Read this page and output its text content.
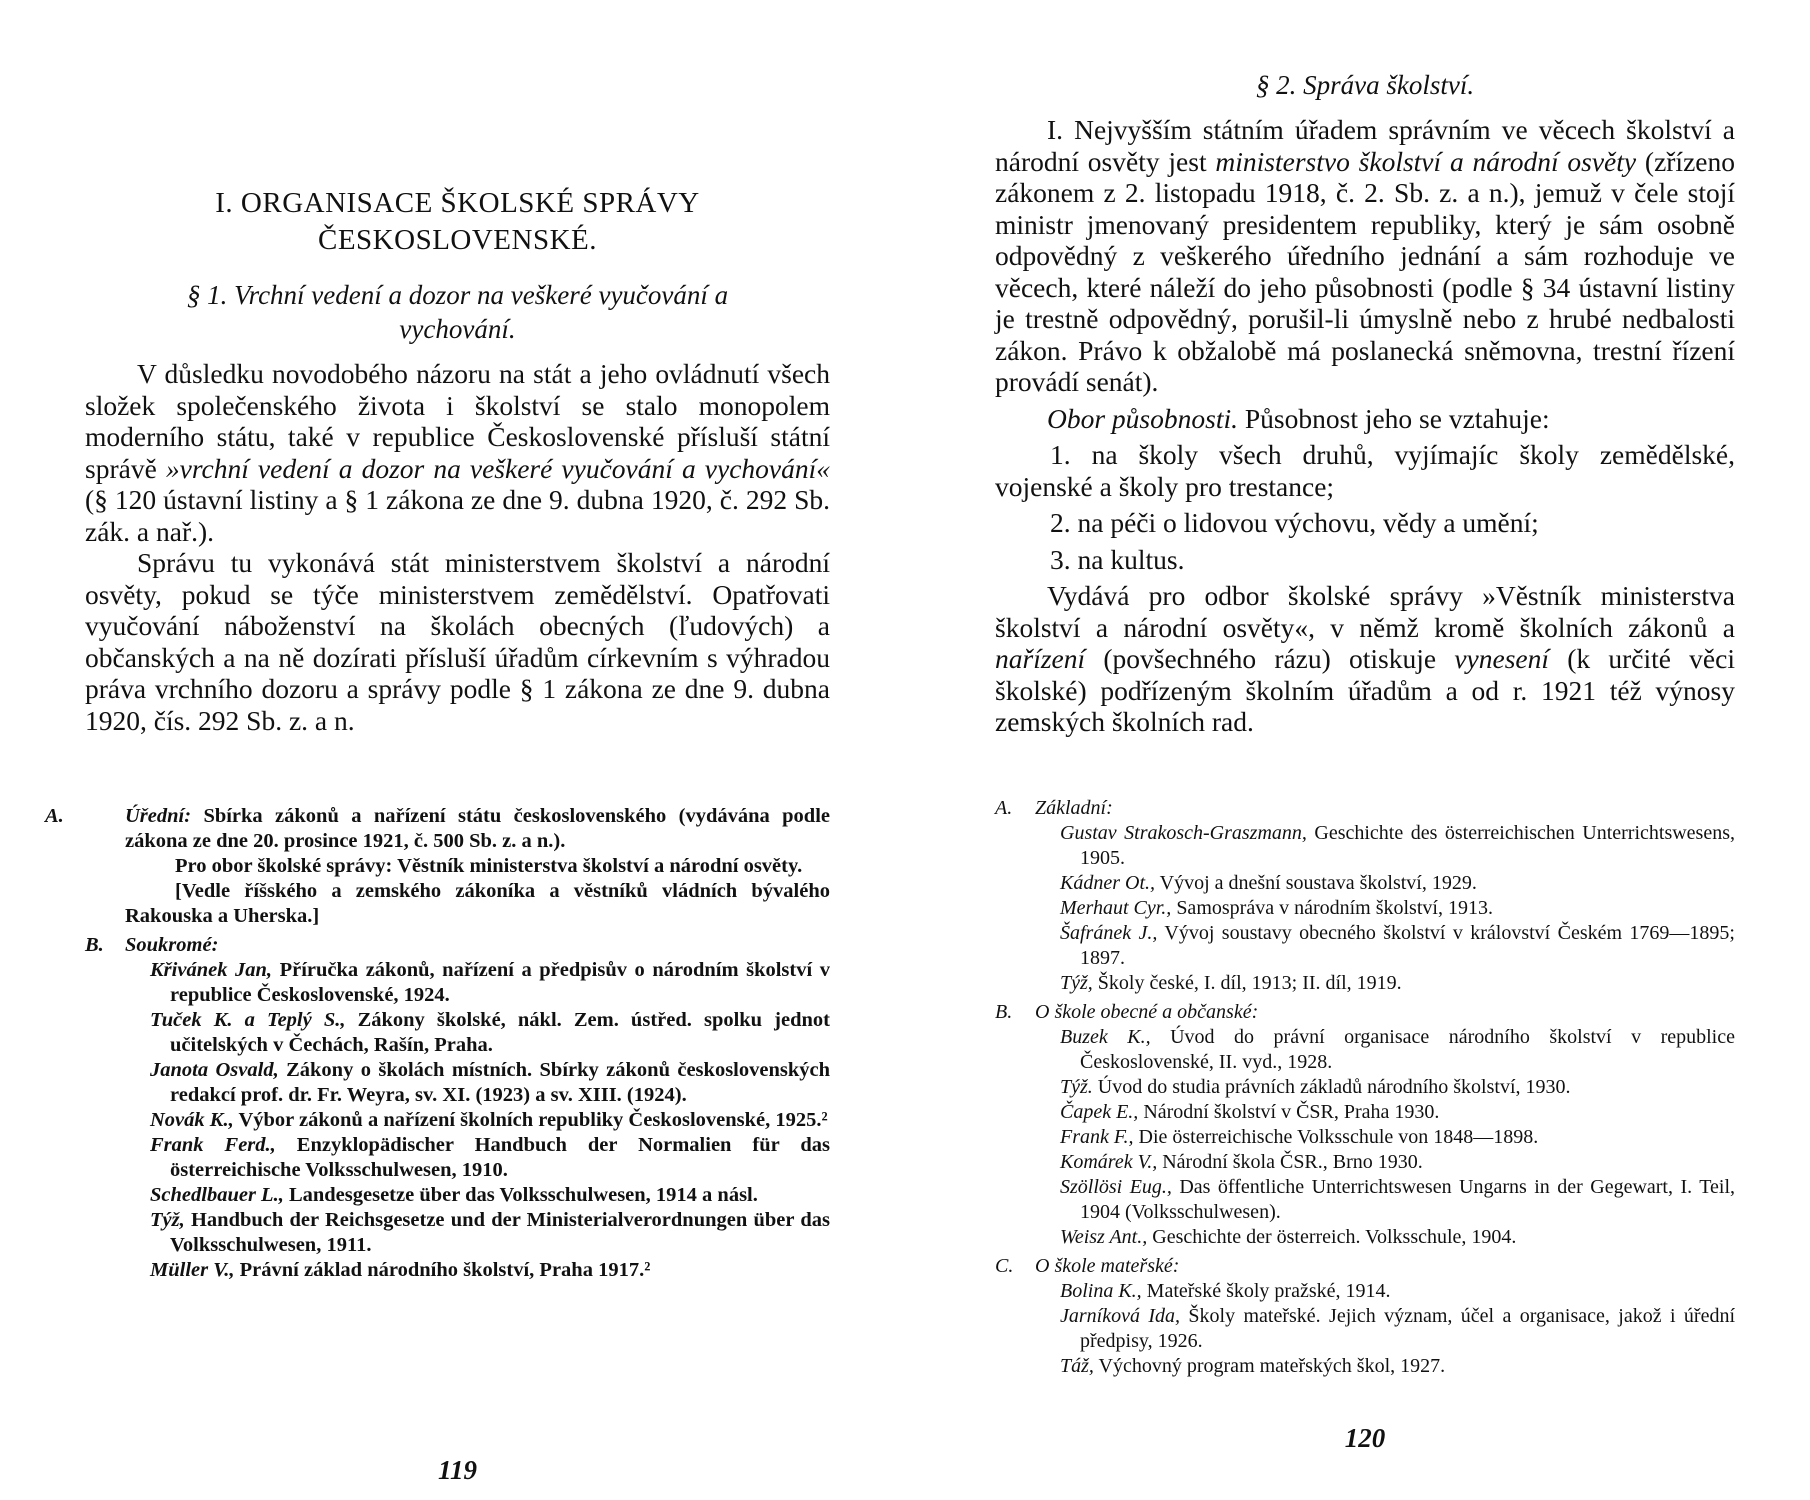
I. ORGANISACE ŠKOLSKÉ SPRÁVY
ČESKOSLOVENSKÉ.
§ 1. Vrchní vedení a dozor na veškeré vyučování a
vychování.

V důsledku novodobého názoru na stát a jeho ovládnutí všech složek společenského života i školství se stalo monopolem moderního státu, také v republice Československé přísluší státní správě »vrchní vedení a dozor na veškeré vyučování a vychování« (§ 120 ústavní listiny a § 1 zákona ze dne 9. dubna 1920, č. 292 Sb. zák. a nař.).

Správu tu vykonává stát ministerstvem školství a národní osvěty, pokud se týče ministerstvem zemědělství. Opatřovati vyučování náboženství na školách obecných (ľudových) a občanských a na ně dozírati přísluší úřadům církevním s výhradou práva vrchního dozoru a správy podle § 1 zákona ze dne 9. dubna 1920, čís. 292 Sb. z. a n.

A.	Úřední: Sbírka zákonů a nařízení státu československého (vydávána podle zákona ze dne 20. prosince 1921, č. 500 Sb. z. a n.).
Pro obor školské správy: Věstník ministerstva školství a národní osvěty.
[Vedle říšského a zemského zákoníka a věstníků vládních bývalého Rakouska a Uherska.]
B. Soukromé:
Křivánek Jan, Příručka zákonů, nařízení a předpisův o národním školství v republice Československé, 1924.
Tuček K. a Teplý S., Zákony školské, nákl. Zem. ústřed. spolku jednot učitelských v Čechách, Rašín, Praha.
Janota Osvald, Zákony o školách místních. Sbírky zákonů československých redakcí prof. dr. Fr. Weyra, sv. XI. (1923) a sv. XIII. (1924).
Novák K., Výbor zákonů a nařízení školních republiky Československé, 1925.²
Frank Ferd., Enzyklopädischer Handbuch der Normalien für das österreichische Volksschulwesen, 1910.
Schedlbauer L., Landesgesetze über das Volksschulwesen, 1914 a násl.
Týž, Handbuch der Reichsgesetze und der Ministerialverordnungen über das Volksschulwesen, 1911.
Müller V., Právní základ národního školství, Praha 1917.²
119
§ 2. Správa školství.

I. Nejvyšším státním úřadem správním ve věcech školství a národní osvěty jest ministerstvo školství a národní osvěty (zřízeno zákonem z 2. listopadu 1918, č. 2. Sb. z. a n.), jemuž v čele stojí ministr jmenovaný presidentem republiky, který je sám osobně odpovědný z veškerého úředního jednání a sám rozhoduje ve věcech, které náleží do jeho působnosti (podle § 34 ústavní listiny je trestně odpovědný, porušil-li úmyslně nebo z hrubé nedbalosti zákon. Právo k obžalobě má poslanecká sněmovna, trestní řízení provádí senát).

Obor působnosti. Působnost jeho se vztahuje:

1. na školy všech druhů, vyjímajíc školy zemědělské, vojenské a školy pro trestance;

2. na péči o lidovou výchovu, vědy a umění;

3. na kultus.

Vydává pro odbor školské správy »Věstník ministerstva školství a národní osvěty«, v němž kromě školních zákonů a nařízení (povšechného rázu) otiskuje vynesení (k určité věci školské) podřízeným školním úřadům a od r. 1921 též výnosy zemských školních rad.

A. Základní:
Gustav Strakosch-Graszmann, Geschichte des österreichischen Unterrichtswesens, 1905.
Kádner Ot., Vývoj a dnešní soustava školství, 1929.
Merhaut Cyr., Samospráva v národním školství, 1913.
Šafránek J., Vývoj soustavy obecného školství v království Českém 1769—1895; 1897.
Týž, Školy české, I. díl, 1913; II. díl, 1919.
B. O škole obecné a občanské:
Buzek K., Úvod do právní organisace národního školství v republice Československé, II. vyd., 1928.
Týž. Úvod do studia právních základů národního školství, 1930.
Čapek E., Národní školství v ČSR, Praha 1930.
Frank F., Die österreichische Volksschule von 1848—1898.
Komárek V., Národní škola ČSR., Brno 1930.
Szöllösi Eug., Das öffentliche Unterrichtswesen Ungarns in der Gegewart, I. Teil, 1904 (Volksschulwesen).
Weisz Ant., Geschichte der österreich. Volksschule, 1904.
C. O škole mateřské:
Bolina K., Mateřské školy pražské, 1914.
Jarníková Ida, Školy mateřské. Jejich význam, účel a organisace, jakož i úřední předpisy, 1926.
Táž, Výchovný program mateřských škol, 1927.
120
